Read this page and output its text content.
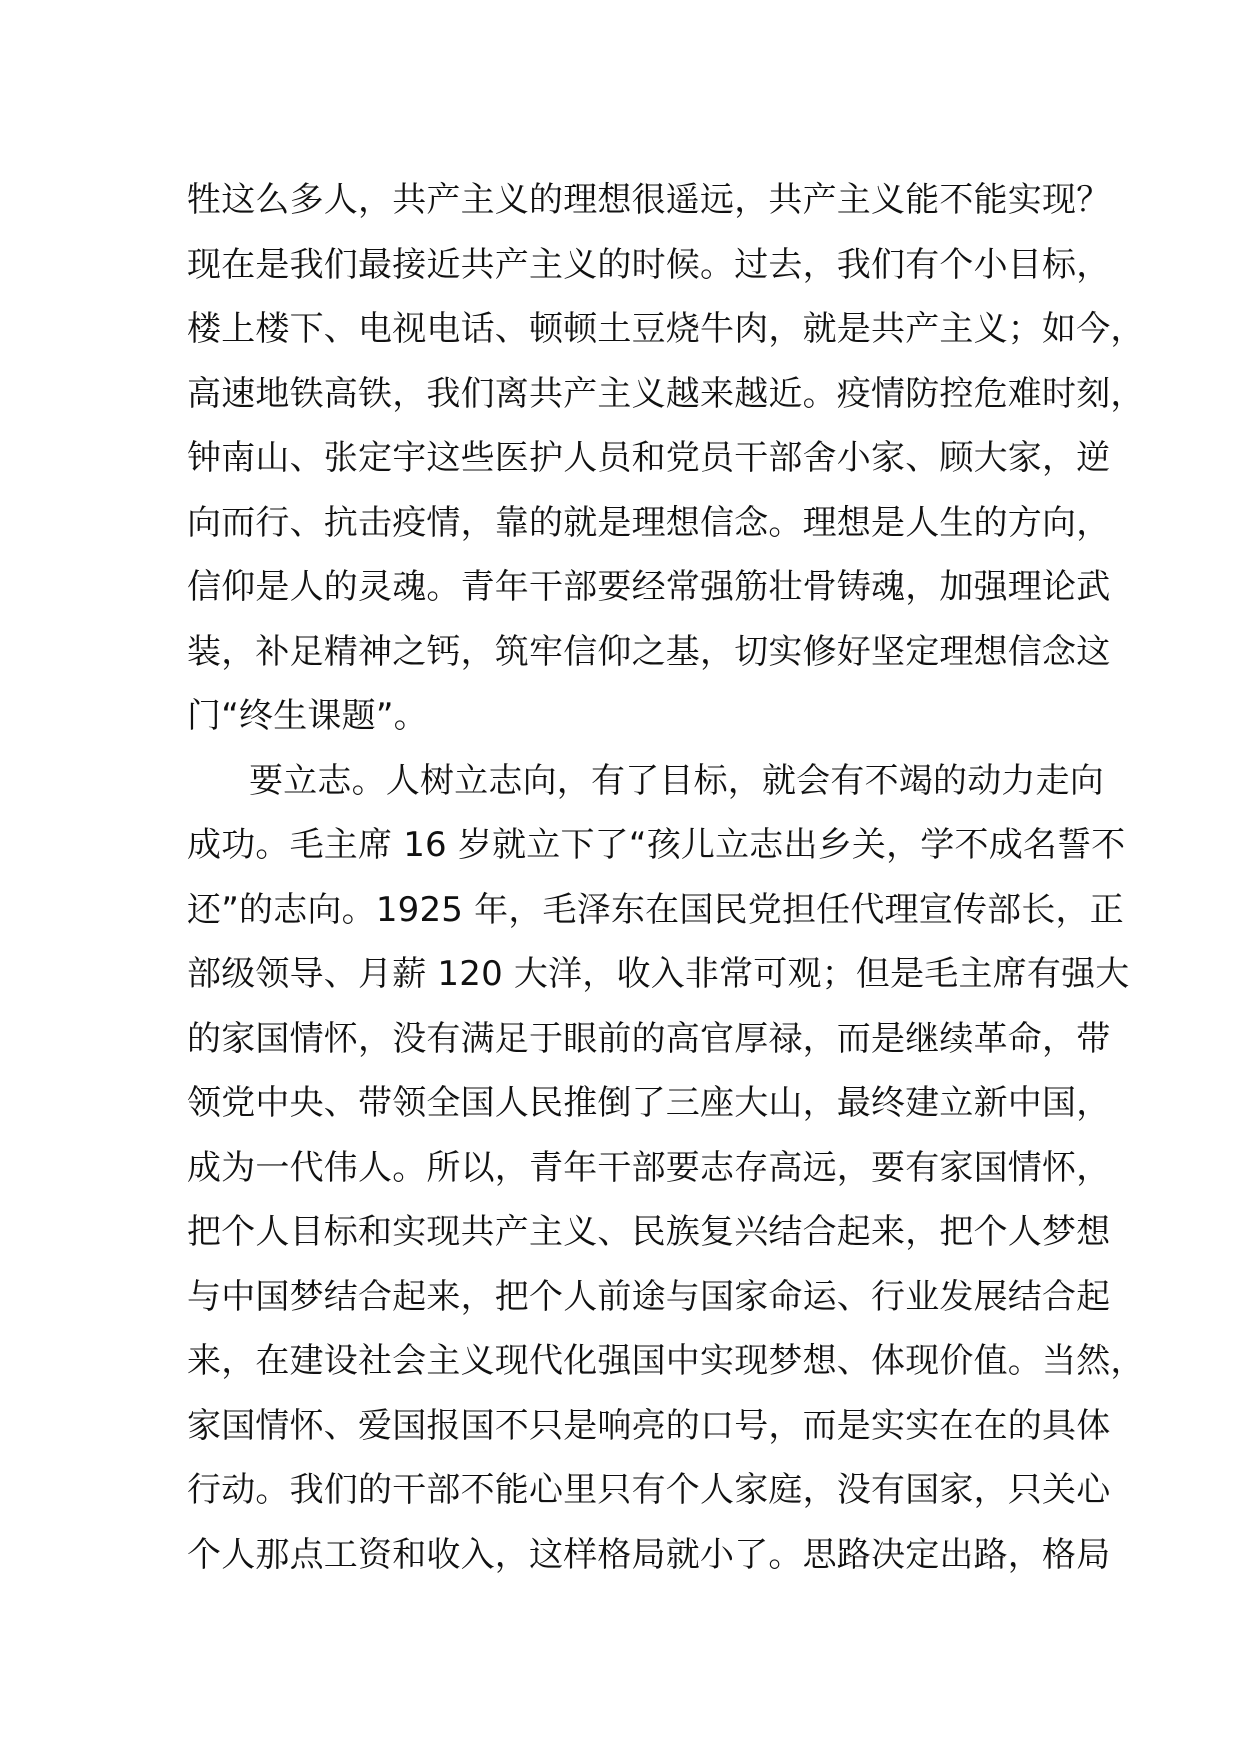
牲这么多人，共产主义的理想很遥远，共产主义能不能实现？
现在是我们最接近共产主义的时候。过去，我们有个小目标，
楼上楼下、电视电话、顿顿土豆烧牛肉，就是共产主义；如今，
高速地铁高铁，我们离共产主义越来越近。疫情防控危难时刻，
钟南山、张定宇这些医护人员和党员干部舍小家、顾大家，逆
向而行、抗击疫情，靠的就是理想信念。理想是人生的方向，
信仰是人的灵魂。青年干部要经常强筋壮骨铸魂，加强理论武
装，补足精神之钙，筑牢信仰之基，切实修好坚定理想信念这
门“终生课题”。
要立志。人树立志向，有了目标，就会有不竭的动力走向
成功。毛主席 16 岁就立下了“孩儿立志出乡关，学不成名誓不
还”的志向。1925 年，毛泽东在国民党担任代理宣传部长，正
部级领导、月薪 120 大洋，收入非常可观；但是毛主席有强大
的家国情怀，没有满足于眼前的高官厚禄，而是继续革命，带
领党中央、带领全国人民推倒了三座大山，最终建立新中国，
成为一代伟人。所以，青年干部要志存高远，要有家国情怀，
把个人目标和实现共产主义、民族复兴结合起来，把个人梦想
与中国梦结合起来，把个人前途与国家命运、行业发展结合起
来，在建设社会主义现代化强国中实现梦想、体现价值。当然，
家国情怀、爱国报国不只是响亮的口号，而是实实在在的具体
行动。我们的干部不能心里只有个人家庭，没有国家，只关心
个人那点工资和收入，这样格局就小了。思路决定出路，格局
